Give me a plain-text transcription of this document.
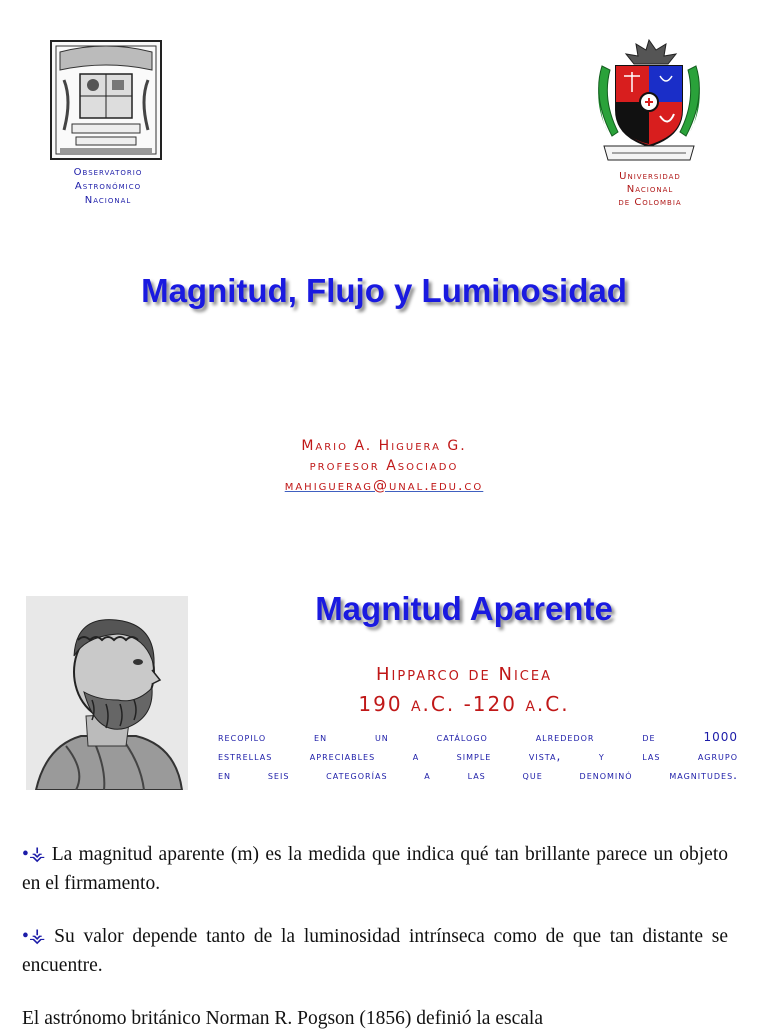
Observatorio
Astronómico
Nacional
Universidad
Nacional
de Colombia
Magnitud, Flujo y Luminosidad
Mario A. Higuera G.
profesor Asociado
mahiguerag@unal.edu.co
Magnitud Aparente
Hipparco de Nicea
190 a.C. -120 a.C.
recopilo en un catálogo alrededor de 1000
estrellas apreciables a simple vista, y las agrupo
en seis categorías a las que denominó magnitudes.
•⚶ La magnitud aparente (m) es la medida que indica qué tan brillante parece un objeto en el firmamento.
•⚶ Su valor depende tanto de la luminosidad intrínseca como de que tan distante se encuentre.
El astrónomo británico Norman R. Pogson (1856) definió la escala
